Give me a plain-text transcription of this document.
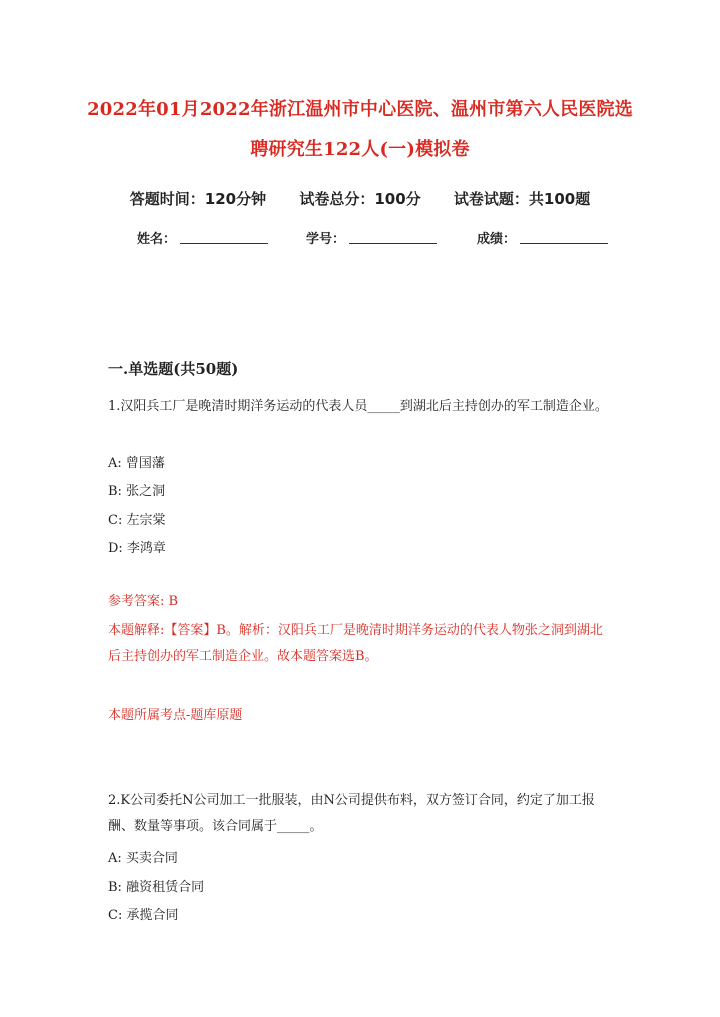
2022年01月2022年浙江温州市中心医院、温州市第六人民医院选
聘研究生122人(一)模拟卷
答题时间：120分钟 试卷总分：100分 试卷试题：共100题
姓名：	学号：	成绩：
一.单选题(共50题)
1.汉阳兵工厂是晚清时期洋务运动的代表人员_____到湖北后主持创办的军工制造企业。
A: 曾国藩
B: 张之洞
C: 左宗棠
D: 李鸿章
参考答案: B
本题解释:【答案】B。解析：汉阳兵工厂是晚清时期洋务运动的代表人物张之洞到湖北后主持创办的军工制造企业。故本题答案选B。
本题所属考点-题库原题
2.K公司委托N公司加工一批服装，由N公司提供布料，双方签订合同，约定了加工报酬、数量等事项。该合同属于_____。
A: 买卖合同
B: 融资租赁合同
C: 承揽合同
